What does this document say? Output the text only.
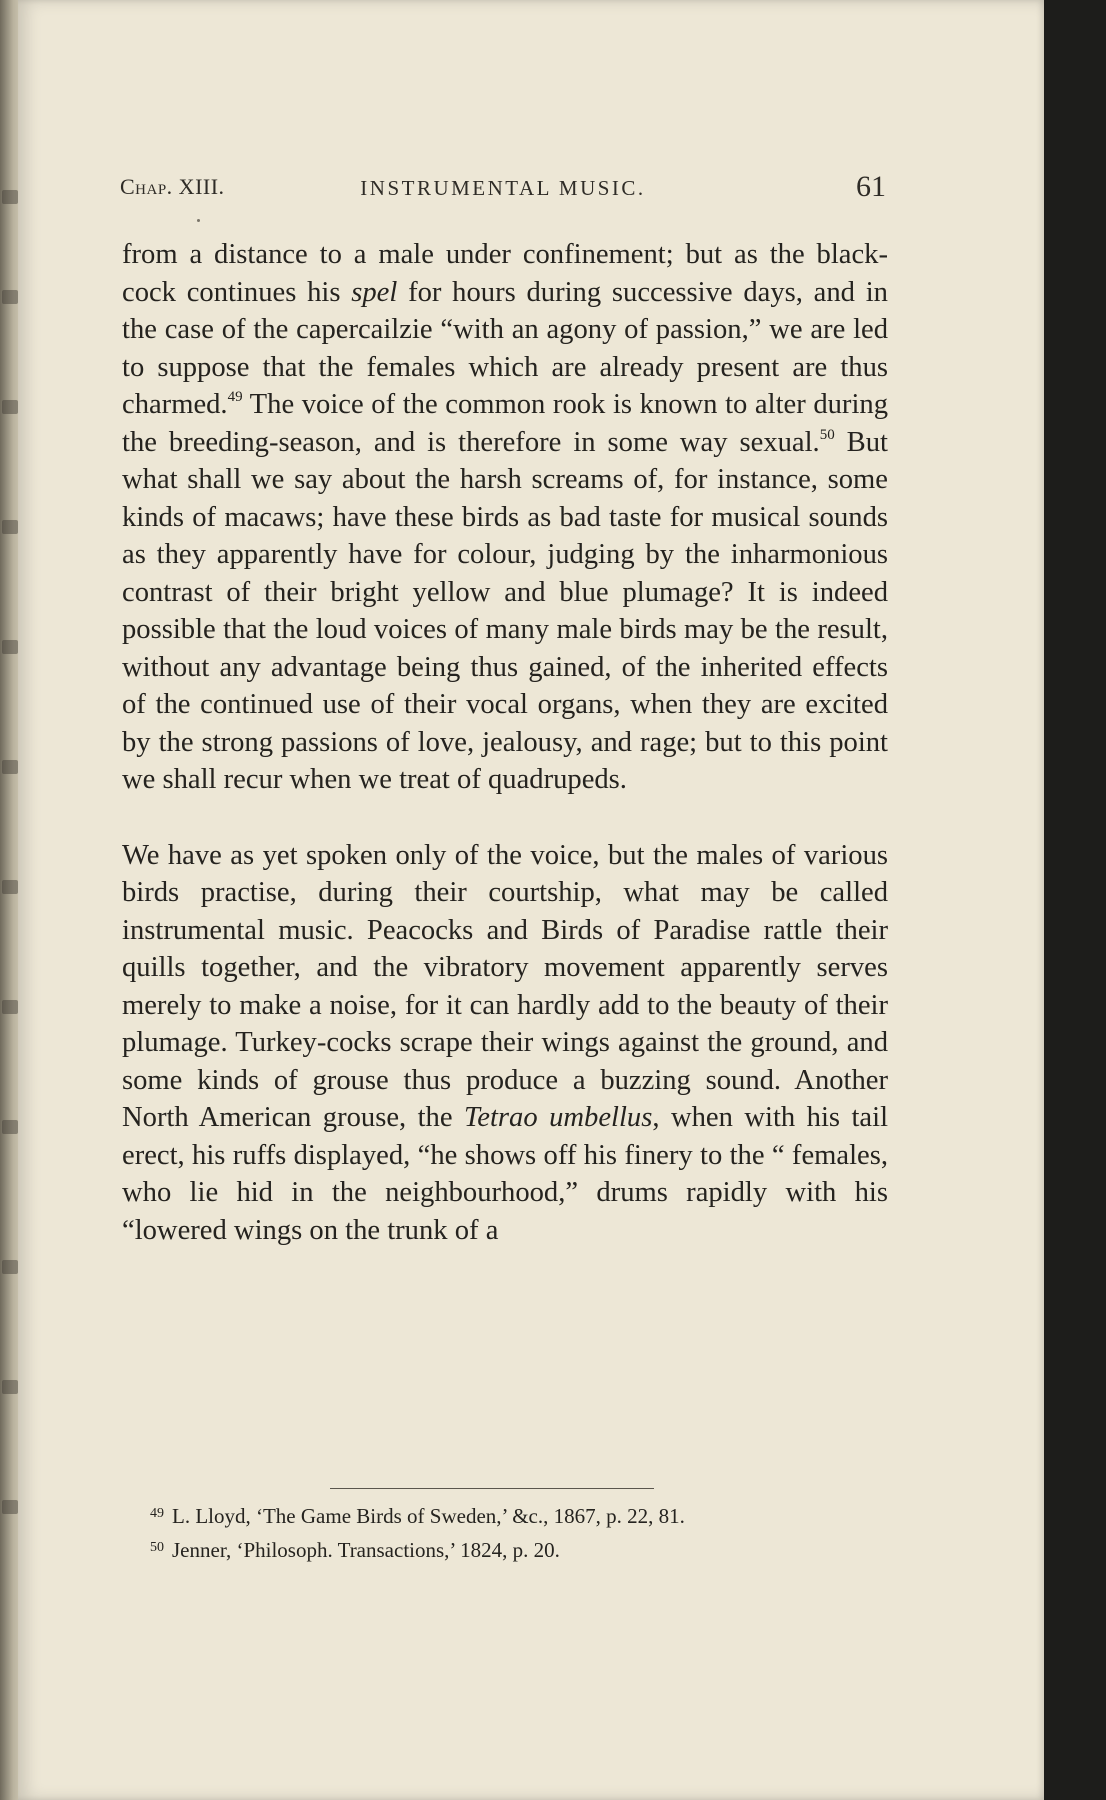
Chap. XIII.	INSTRUMENTAL MUSIC.	61

from a distance to a male under confinement; but as the black-cock continues his spel for hours during successive days, and in the case of the capercailzie “with an agony of passion,” we are led to suppose that the females which are already present are thus charmed.$^{49}$ The voice of the common rook is known to alter during the breeding-season, and is therefore in some way sexual.$^{50}$ But what shall we say about the harsh screams of, for instance, some kinds of macaws; have these birds as bad taste for musical sounds as they apparently have for colour, judging by the inharmonious contrast of their bright yellow and blue plumage? It is indeed possible that the loud voices of many male birds may be the result, without any advantage being thus gained, of the inherited effects of the continued use of their vocal organs, when they are excited by the strong passions of love, jealousy, and rage; but to this point we shall recur when we treat of quadrupeds.

We have as yet spoken only of the voice, but the males of various birds practise, during their courtship, what may be called instrumental music. Peacocks and Birds of Paradise rattle their quills together, and the vibratory movement apparently serves merely to make a noise, for it can hardly add to the beauty of their plumage. Turkey-cocks scrape their wings against the ground, and some kinds of grouse thus produce a buzzing sound. Another North American grouse, the Tetrao umbellus, when with his tail erect, his ruffs displayed, “he shows off his finery to the “ females, who lie hid in the neighbourhood,” drums rapidly with his “lowered wings on the trunk of a

$^{49}$ L. Lloyd, ‘The Game Birds of Sweden,’ &c., 1867, p. 22, 81.
$^{50}$ Jenner, ‘Philosoph. Transactions,’ 1824, p. 20.
